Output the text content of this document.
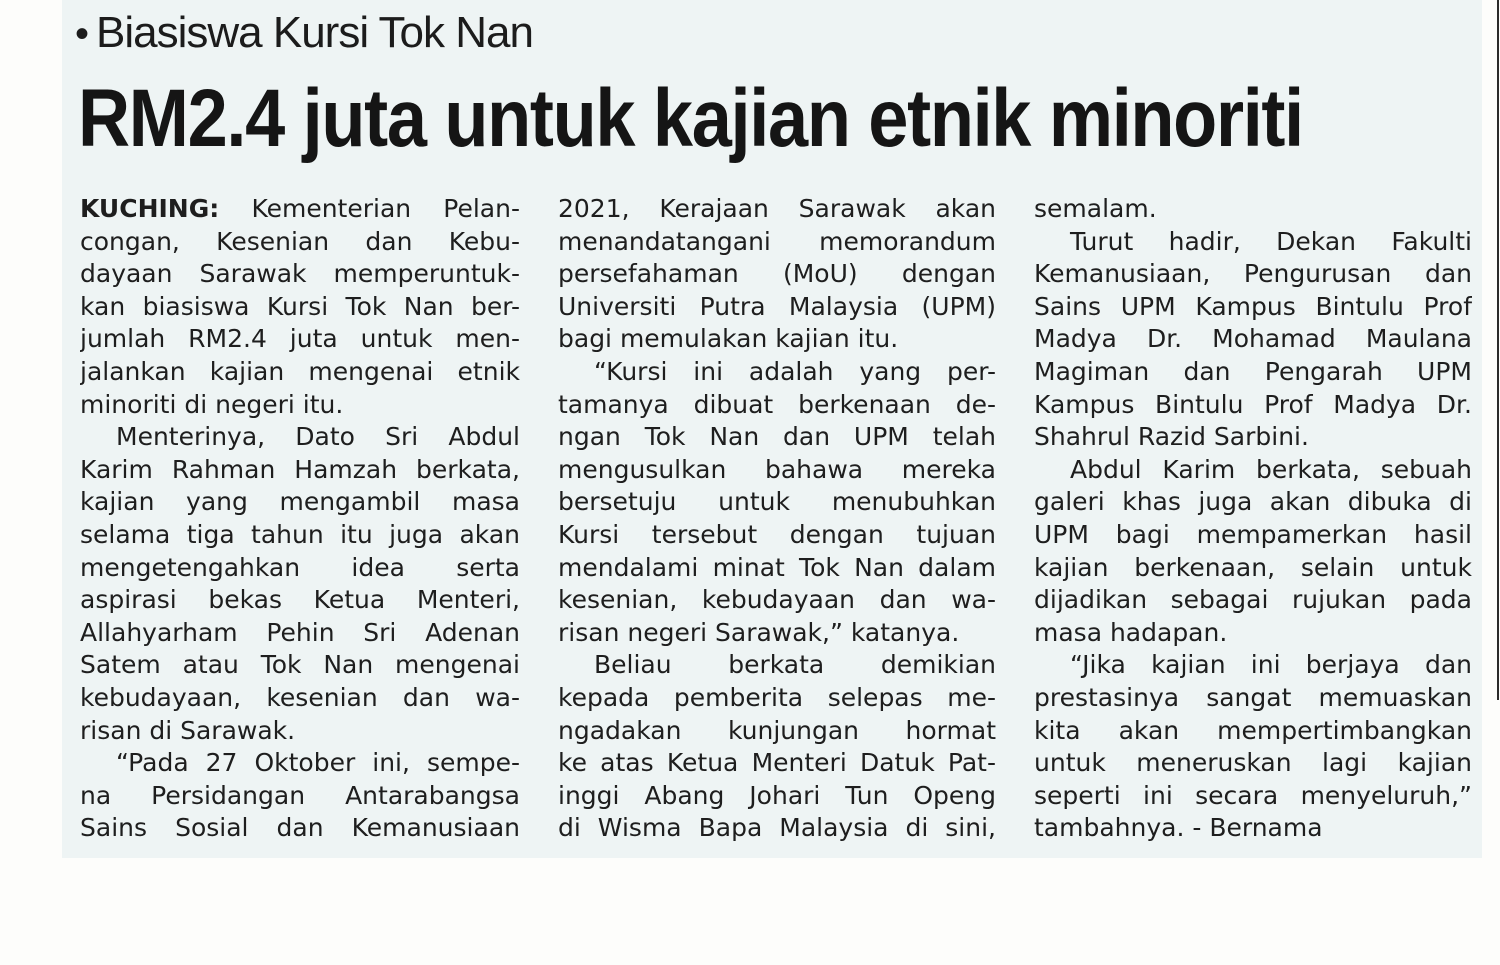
• Biasiswa Kursi Tok Nan
RM2.4 juta untuk kajian etnik minoriti
KUCHING: Kementerian Pelan-
congan, Kesenian dan Kebu-
dayaan Sarawak memperuntuk-
kan biasiswa Kursi Tok Nan ber-
jumlah RM2.4 juta untuk men-
jalankan kajian mengenai etnik
minoriti di negeri itu.
Menterinya, Dato Sri Abdul
Karim Rahman Hamzah berkata,
kajian yang mengambil masa
selama tiga tahun itu juga akan
mengetengahkan idea serta
aspirasi bekas Ketua Menteri,
Allahyarham Pehin Sri Adenan
Satem atau Tok Nan mengenai
kebudayaan, kesenian dan wa-
risan di Sarawak.
“Pada 27 Oktober ini, sempe-
na Persidangan Antarabangsa
Sains Sosial dan Kemanusiaan
2021, Kerajaan Sarawak akan
menandatangani memorandum
persefahaman (MoU) dengan
Universiti Putra Malaysia (UPM)
bagi memulakan kajian itu.
“Kursi ini adalah yang per-
tamanya dibuat berkenaan de-
ngan Tok Nan dan UPM telah
mengusulkan bahawa mereka
bersetuju untuk menubuhkan
Kursi tersebut dengan tujuan
mendalami minat Tok Nan dalam
kesenian, kebudayaan dan wa-
risan negeri Sarawak,” katanya.
Beliau berkata demikian
kepada pemberita selepas me-
ngadakan kunjungan hormat
ke atas Ketua Menteri Datuk Pat-
inggi Abang Johari Tun Openg
di Wisma Bapa Malaysia di sini,
semalam.
Turut hadir, Dekan Fakulti
Kemanusiaan, Pengurusan dan
Sains UPM Kampus Bintulu Prof
Madya Dr. Mohamad Maulana
Magiman dan Pengarah UPM
Kampus Bintulu Prof Madya Dr.
Shahrul Razid Sarbini.
Abdul Karim berkata, sebuah
galeri khas juga akan dibuka di
UPM bagi mempamerkan hasil
kajian berkenaan, selain untuk
dijadikan sebagai rujukan pada
masa hadapan.
“Jika kajian ini berjaya dan
prestasinya sangat memuaskan
kita akan mempertimbangkan
untuk meneruskan lagi kajian
seperti ini secara menyeluruh,”
tambahnya. - Bernama
